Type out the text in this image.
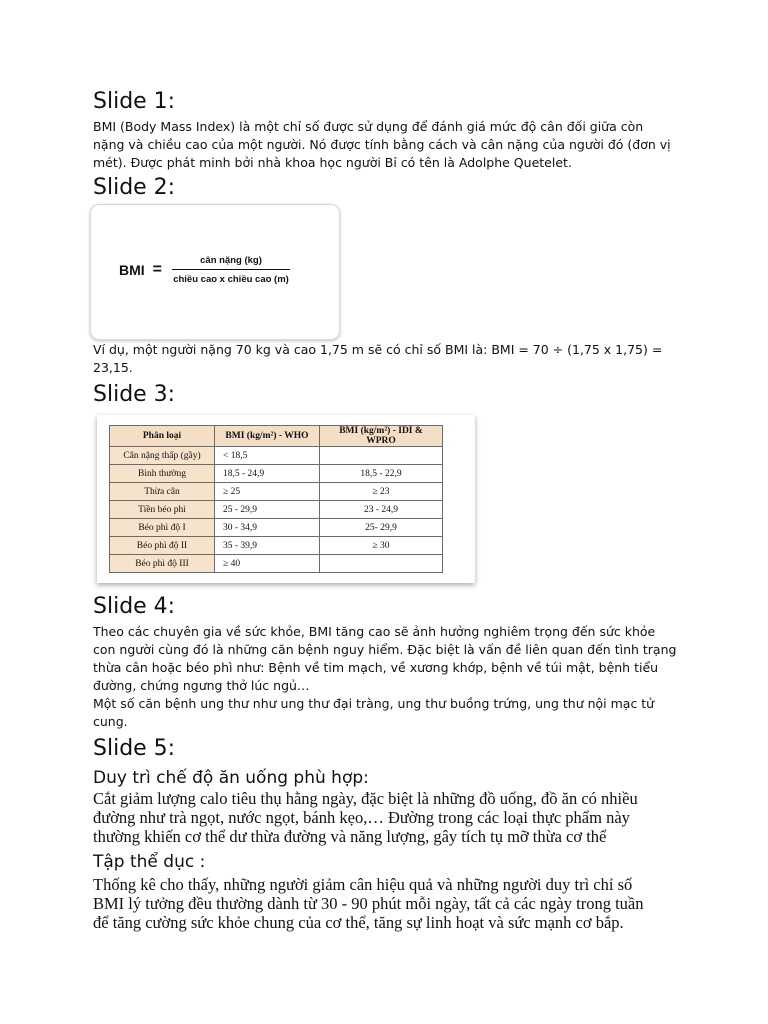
Slide 1:

BMI (Body Mass Index) là một chỉ số được sử dụng để đánh giá mức độ cân đối giữa còn
nặng và chiều cao của một người. Nó được tính bằng cách và cân nặng của người đó (đơn vị
mét). Được phát minh bởi nhà khoa học người Bỉ có tên là Adolphe Quetelet.

Slide 2:
BMI = $\frac{\text{cân nặng (kg)}}{\text{chiều cao x chiều cao (m)}}$

Ví dụ, một người nặng 70 kg và cao 1,75 m sẽ có chỉ số BMI là: BMI = 70 ÷ (1,75 x 1,75) =
23,15.

Slide 3:
Phân loại	BMI (kg/m²) - WHO	BMI (kg/m²) - IDI & WPRO
Cân nặng thấp (gầy)	< 18,5	
Bình thường	18,5 - 24,9	18,5 - 22,9
Thừa cân	≥ 25	≥ 23
Tiền béo phì	25 - 29,9	23 - 24,9
Béo phì độ I	30 - 34,9	25- 29,9
Béo phì độ II	35 - 39,9	≥ 30
Béo phì độ III	≥ 40	
Slide 4:

Theo các chuyên gia về sức khỏe, BMI tăng cao sẽ ảnh hưởng nghiêm trọng đến sức khỏe
con người cùng đó là những căn bệnh nguy hiểm. Đặc biệt là vấn đề liên quan đến tình trạng
thừa cân hoặc béo phì như: Bệnh về tim mạch, về xương khớp, bệnh về túi mật, bệnh tiểu
đường, chứng ngưng thở lúc ngủ…

Một số căn bệnh ung thư như ung thư đại tràng, ung thư buồng trứng, ung thư nội mạc tử
cung.

Slide 5:
Duy trì chế độ ăn uống phù hợp:

Cắt giảm lượng calo tiêu thụ hằng ngày, đặc biệt là những đồ uống, đồ ăn có nhiều
đường như trà ngọt, nước ngọt, bánh kẹo,… Đường trong các loại thực phẩm này
thường khiến cơ thể dư thừa đường và năng lượng, gây tích tụ mỡ thừa cơ thể

Tập thể dục :

Thống kê cho thấy, những người giảm cân hiệu quả và những người duy trì chỉ số
BMI lý tưởng đều thường dành từ 30 - 90 phút mỗi ngày, tất cả các ngày trong tuần
để tăng cường sức khỏe chung của cơ thể, tăng sự linh hoạt và sức mạnh cơ bắp.
